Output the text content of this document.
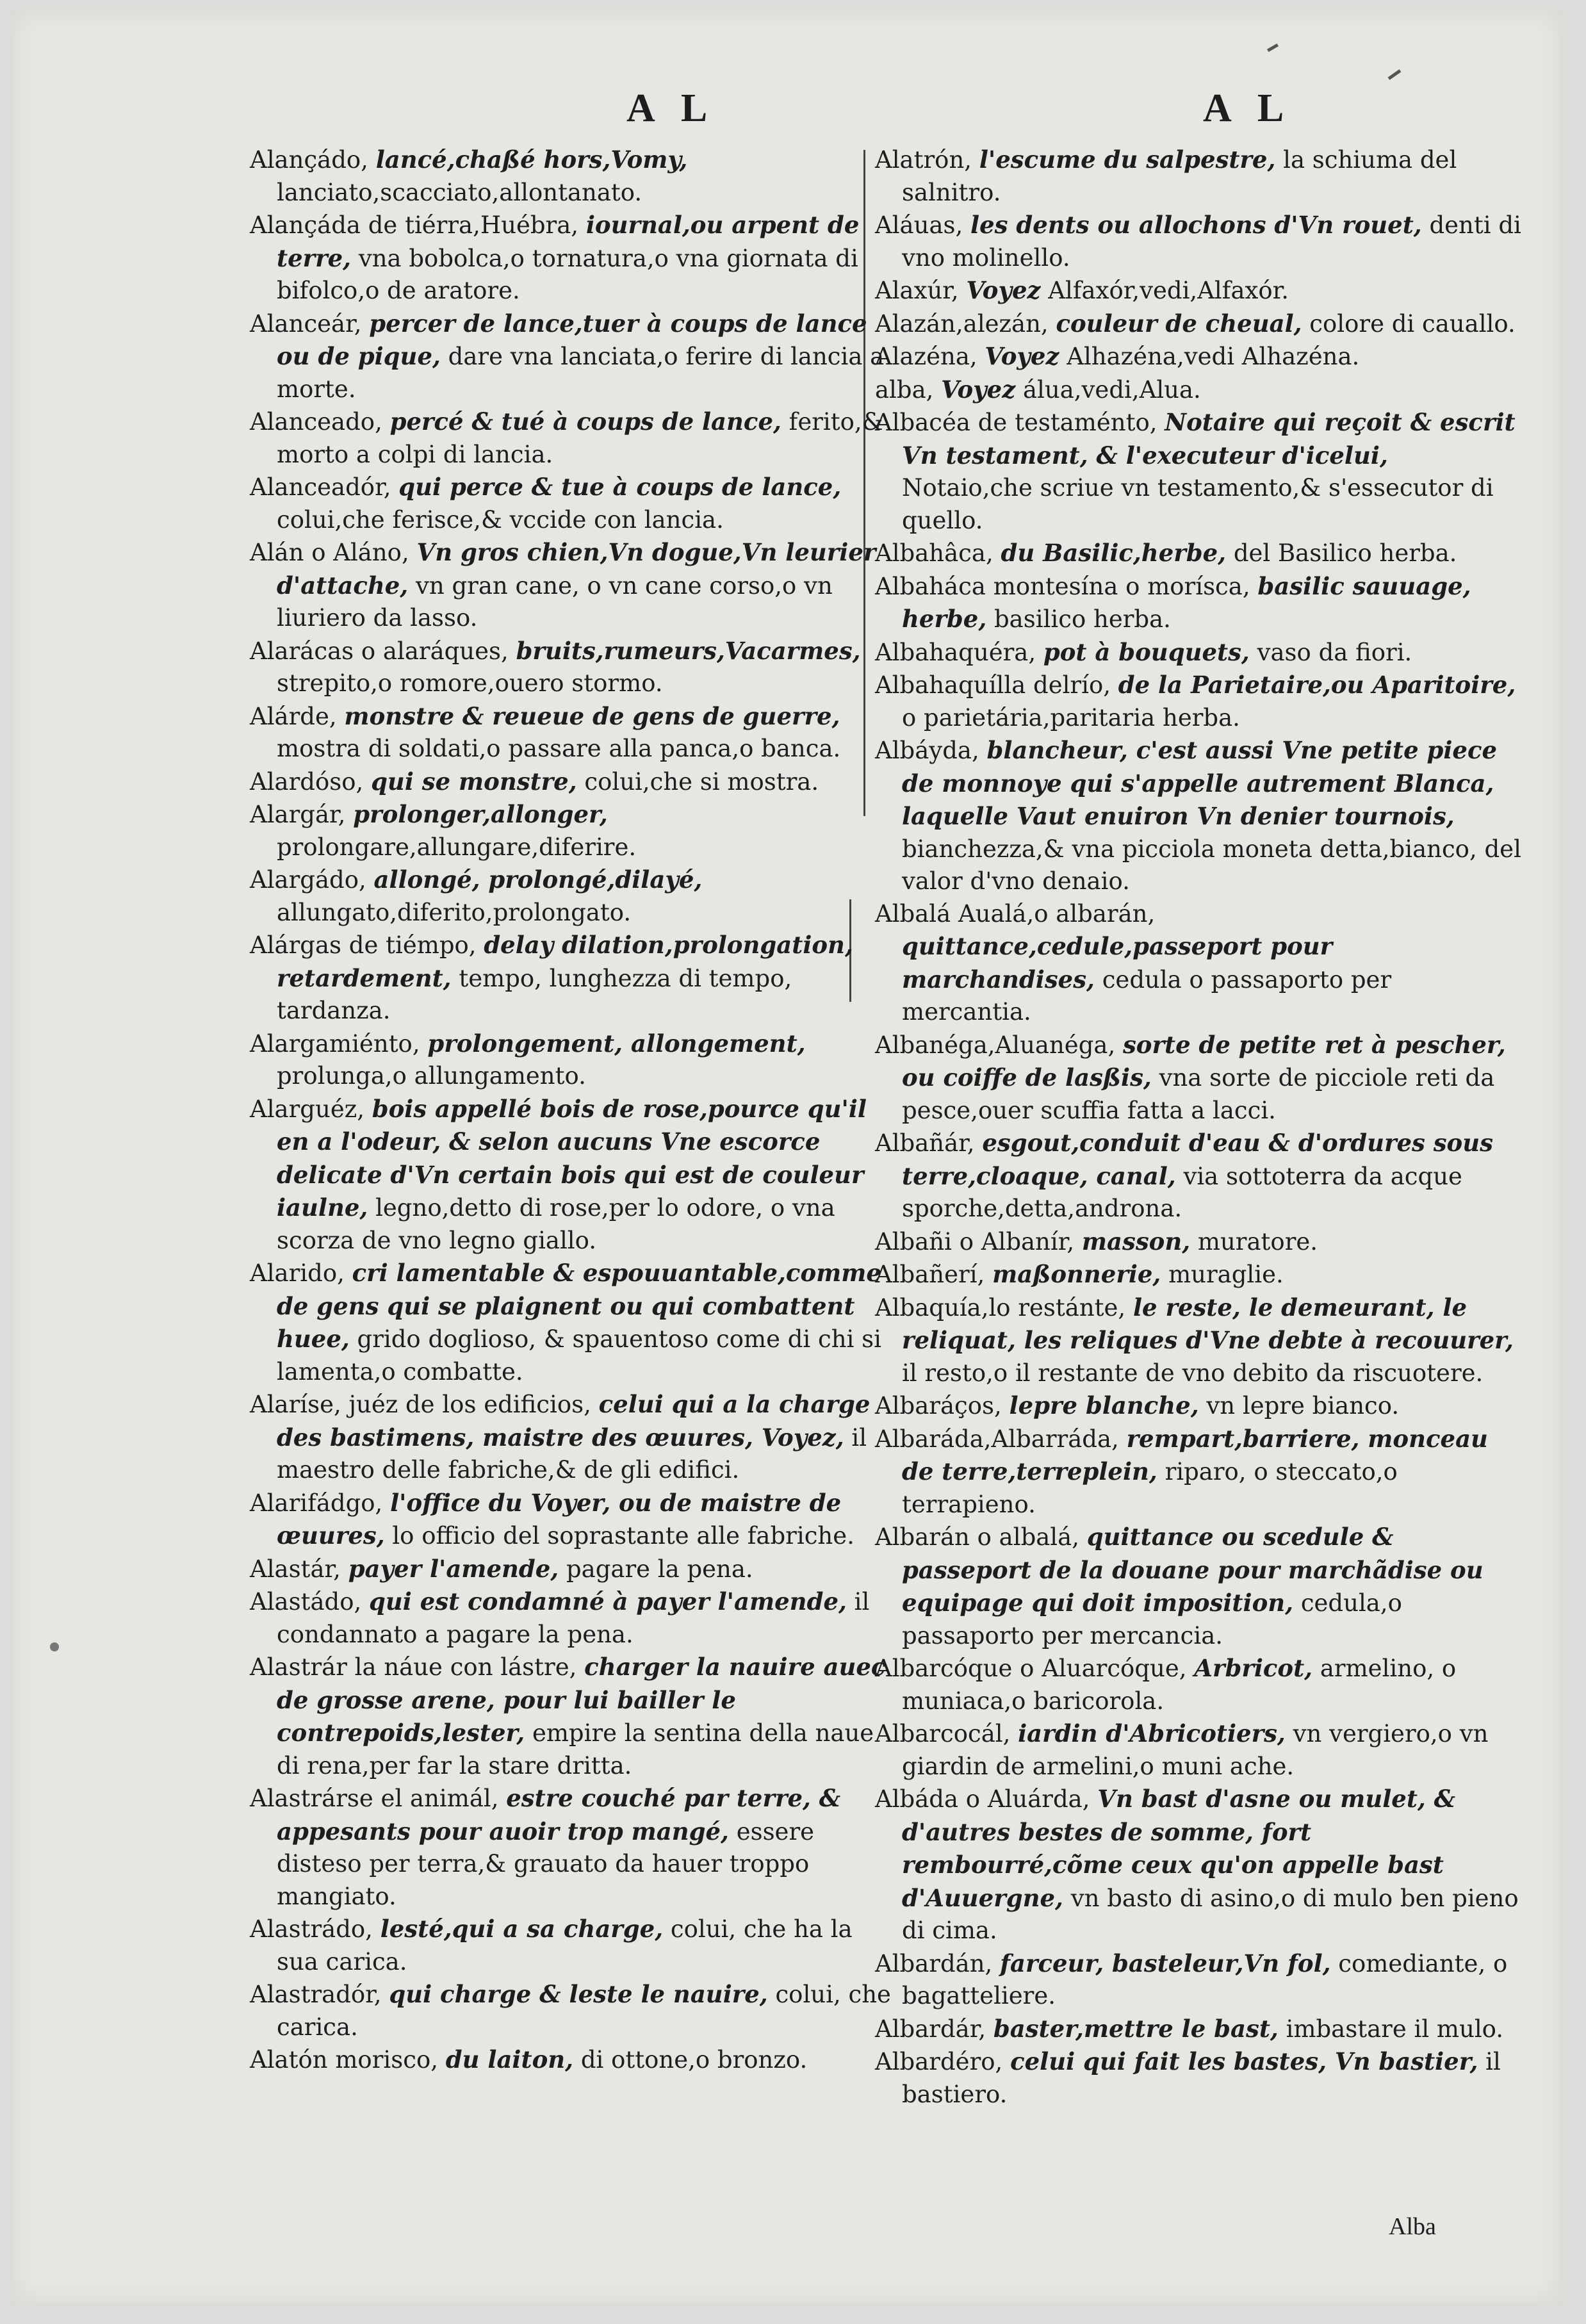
A L	A L

Alançádo, lancé,chaßé hors,Vomy, lanciato,scacciato,allontanato.

Alançáda de tiérra,Huébra, iournal,ou arpent de terre, vna bobolca,o tornatura,o vna giornata di bifolco,o de aratore.

Alanceár, percer de lance,tuer à coups de lance ou de pique, dare vna lanciata,o ferire di lancia a morte.

Alanceado, percé & tué à coups de lance, ferito,& morto a colpi di lancia.

Alanceadór, qui perce & tue à coups de lance, colui,che ferisce,& vccide con lancia.

Alán o Aláno, Vn gros chien,Vn dogue,Vn leurier d'attache, vn gran cane, o vn cane corso,o vn liuriero da lasso.

Alarácas o alaráques, bruits,rumeurs,Vacarmes, strepito,o romore,ouero stormo.

Alárde, monstre & reueue de gens de guerre, mostra di soldati,o passare alla panca,o banca.

Alardóso, qui se monstre, colui,che si mostra.

Alargár, prolonger,allonger, prolongare,allungare,diferire.

Alargádo, allongé, prolongé,dilayé, allungato,diferito,prolongato.

Alárgas de tiémpo, delay dilation,prolongation, retardement, tempo, lunghezza di tempo, tardanza.

Alargamiénto, prolongement, allongement, prolunga,o allungamento.

Alarguéz, bois appellé bois de rose,pource qu'il en a l'odeur, & selon aucuns Vne escorce delicate d'Vn certain bois qui est de couleur iaulne, legno,detto di rose,per lo odore, o vna scorza de vno legno giallo.

Alarido, cri lamentable & espouuantable,comme de gens qui se plaignent ou qui combattent huee, grido doglioso, & spauentoso come di chi si lamenta,o combatte.

Alaríse, juéz de los edificios, celui qui a la charge des bastimens, maistre des œuures, Voyez, il maestro delle fabriche,& de gli edifici.

Alarifádgo, l'office du Voyer, ou de maistre de œuures, lo officio del soprastante alle fabriche.

Alastár, payer l'amende, pagare la pena.

Alastádo, qui est condamné à payer l'amende, il condannato a pagare la pena.

Alastrár la náue con lástre, charger la nauire auec de grosse arene, pour lui bailler le contrepoids,lester, empire la sentina della naue di rena,per far la stare dritta.

Alastrárse el animál, estre couché par terre, & appesants pour auoir trop mangé, essere disteso per terra,& grauato da hauer troppo mangiato.

Alastrádo, lesté,qui a sa charge, colui, che ha la sua carica.

Alastradór, qui charge & leste le nauire, colui, che carica.

Alatón morisco, du laiton, di ottone,o bronzo.

Alatrón, l'escume du salpestre, la schiuma del salnitro.

Aláuas, les dents ou allochons d'Vn rouet, denti di vno molinello.

Alaxúr, Voyez Alfaxór,vedi,Alfaxór.

Alazán,alezán, couleur de cheual, colore di cauallo.

Alazéna, Voyez Alhazéna,vedi Alhazéna.

alba, Voyez álua,vedi,Alua.

Albacéa de testaménto, Notaire qui reçoit & escrit Vn testament, & l'executeur d'icelui, Notaio,che scriue vn testamento,& s'essecutor di quello.

Albahâca, du Basilic,herbe, del Basilico herba.

Albaháca montesína o morísca, basilic sauuage, herbe, basilico herba.

Albahaquéra, pot à bouquets, vaso da fiori.

Albahaquílla delrío, de la Parietaire,ou Aparitoire, o parietária,paritaria herba.

Albáyda, blancheur, c'est aussi Vne petite piece de monnoye qui s'appelle autrement Blanca, laquelle Vaut enuiron Vn denier tournois, bianchezza,& vna picciola moneta detta,bianco, del valor d'vno denaio.

Albalá Aualá,o albarán, quittance,cedule,passeport pour marchandises, cedula o passaporto per mercantia.

Albanéga,Aluanéga, sorte de petite ret à pescher, ou coiffe de lasßis, vna sorte de picciole reti da pesce,ouer scuffia fatta a lacci.

Albañár, esgout,conduit d'eau & d'ordures sous terre,cloaque, canal, via sottoterra da acque sporche,detta,androna.

Albañi o Albanír, masson, muratore.

Albañerí, maßonnerie, muraglie.

Albaquía,lo restánte, le reste, le demeurant, le reliquat, les reliques d'Vne debte à recouurer, il resto,o il restante de vno debito da riscuotere.

Albaráços, lepre blanche, vn lepre bianco.

Albaráda,Albarráda, rempart,barriere, monceau de terre,terreplein, riparo, o steccato,o terrapieno.

Albarán o albalá, quittance ou scedule & passeport de la douane pour marchãdise ou equipage qui doit imposition, cedula,o passaporto per mercancia.

Albarcóque o Aluarcóque, Arbricot, armelino, o muniaca,o baricorola.

Albarcocál, iardin d'Abricotiers, vn vergiero,o vn giardin de armelini,o muni ache.

Albáda o Aluárda, Vn bast d'asne ou mulet, & d'autres bestes de somme, fort rembourré,cõme ceux qu'on appelle bast d'Auuergne, vn basto di asino,o di mulo ben pieno di cima.

Albardán, farceur, basteleur,Vn fol, comediante, o bagatteliere.

Albardár, baster,mettre le bast, imbastare il mulo.

Albardéro, celui qui fait les bastes, Vn bastier, il bastiero.

Alba
